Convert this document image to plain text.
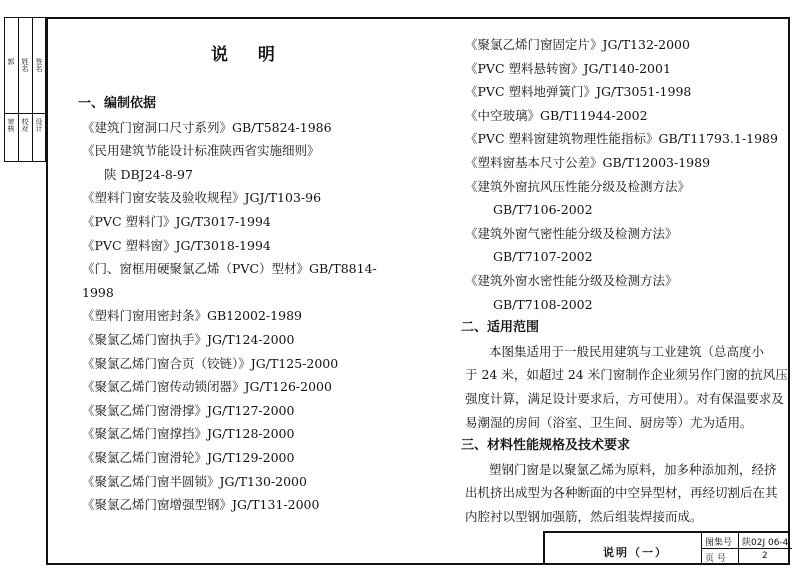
审核 校对 设计
郭 姓名 签名	说 明
一、编制依据
《建筑门窗洞口尺寸系列》GB/T5824-1986
《民用建筑节能设计标准陕西省实施细则》
陕 DBJ24-8-97
《塑料门窗安装及验收规程》JGJ/T103-96
《PVC 塑料门》JG/T3017-1994
《PVC 塑料窗》JG/T3018-1994
《门、窗框用硬聚氯乙烯（PVC）型材》GB/T8814-
1998
《塑料门窗用密封条》GB12002-1989
《聚氯乙烯门窗执手》JG/T124-2000
《聚氯乙烯门窗合页（铰链）》JG/T125-2000
《聚氯乙烯门窗传动锁闭器》JG/T126-2000
《聚氯乙烯门窗滑撑》JG/T127-2000
《聚氯乙烯门窗撑挡》JG/T128-2000
《聚氯乙烯门窗滑轮》JG/T129-2000
《聚氯乙烯门窗半圆锁》JG/T130-2000
《聚氯乙烯门窗增强型钢》JG/T131-2000
《聚氯乙烯门窗固定片》JG/T132-2000
《PVC 塑料悬转窗》JG/T140-2001
《PVC 塑料地弹簧门》JG/T3051-1998
《中空玻璃》GB/T11944-2002
《PVC 塑料窗建筑物理性能指标》GB/T11793.1-1989
《塑料窗基本尺寸公差》GB/T12003-1989
《建筑外窗抗风压性能分级及检测方法》
GB/T7106-2002
《建筑外窗气密性能分级及检测方法》
GB/T7107-2002
《建筑外窗水密性能分级及检测方法》
GB/T7108-2002
二、适用范围
本图集适用于一般民用建筑与工业建筑（总高度小
于 24 米，如超过 24 米门窗制作企业须另作门窗的抗风压
强度计算，满足设计要求后，方可使用）。对有保温要求及
易潮湿的房间（浴室、卫生间、厨房等）尤为适用。
三、材料性能规格及技术要求
塑钢门窗是以聚氯乙烯为原料，加多种添加剂，经挤
出机挤出成型为各种断面的中空异型材，再经切割后在其
内腔衬以型钢加强筋，然后组装焊接而成。
说明（一）
图集号 陕02J 06-4
页 号	2
